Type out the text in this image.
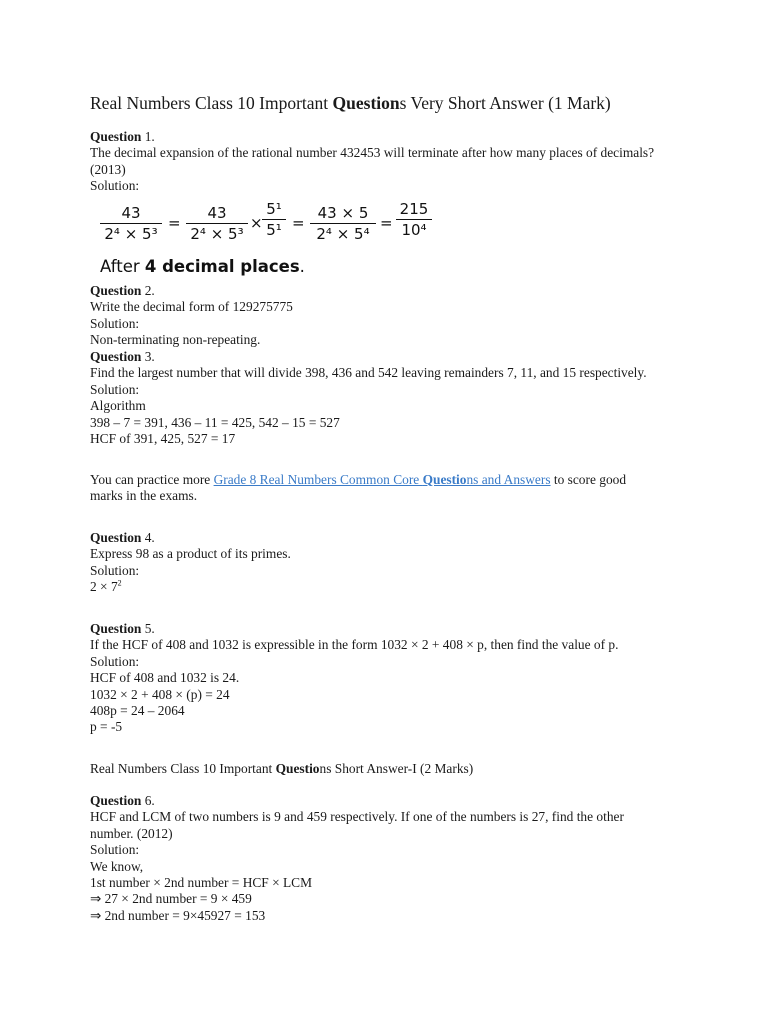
Real Numbers Class 10 Important Questions Very Short Answer (1 Mark)
Question 1.
The decimal expansion of the rational number 432453 will terminate after how many places of decimals?
(2013)
Solution:
$\frac{43}{\text{2⁴ × 5³}} = \frac{43}{\text{2⁴ × 5³}} \times \frac{\text{5¹}}{\text{5¹}} = \frac{43 \times 5}{\text{2⁴ × 5⁴}} = \frac{215}{\text{10⁴}}$
After 4 decimal places.
Question 2.
Write the decimal form of 129275775
Solution:
Non-terminating non-repeating.
Question 3.
Find the largest number that will divide 398, 436 and 542 leaving remainders 7, 11, and 15 respectively.
Solution:
Algorithm
398 – 7 = 391, 436 – 11 = 425, 542 – 15 = 527
HCF of 391, 425, 527 = 17
You can practice more Grade 8 Real Numbers Common Core Questions and Answers to score good
marks in the exams.
Question 4.
Express 98 as a product of its primes.
Solution:
$2 \times 7^2$
Question 5.
If the HCF of 408 and 1032 is expressible in the form 1032 × 2 + 408 × p, then find the value of p.
Solution:
HCF of 408 and 1032 is 24.
1032 × 2 + 408 × (p) = 24
408p = 24 – 2064
p = -5
Real Numbers Class 10 Important Questions Short Answer-I (2 Marks)
Question 6.
HCF and LCM of two numbers is 9 and 459 respectively. If one of the numbers is 27, find the other
number. (2012)
Solution:
We know,
1st number × 2nd number = HCF × LCM
⇒ 27 × 2nd number = 9 × 459
⇒ 2nd number = 9×45927 = 153
